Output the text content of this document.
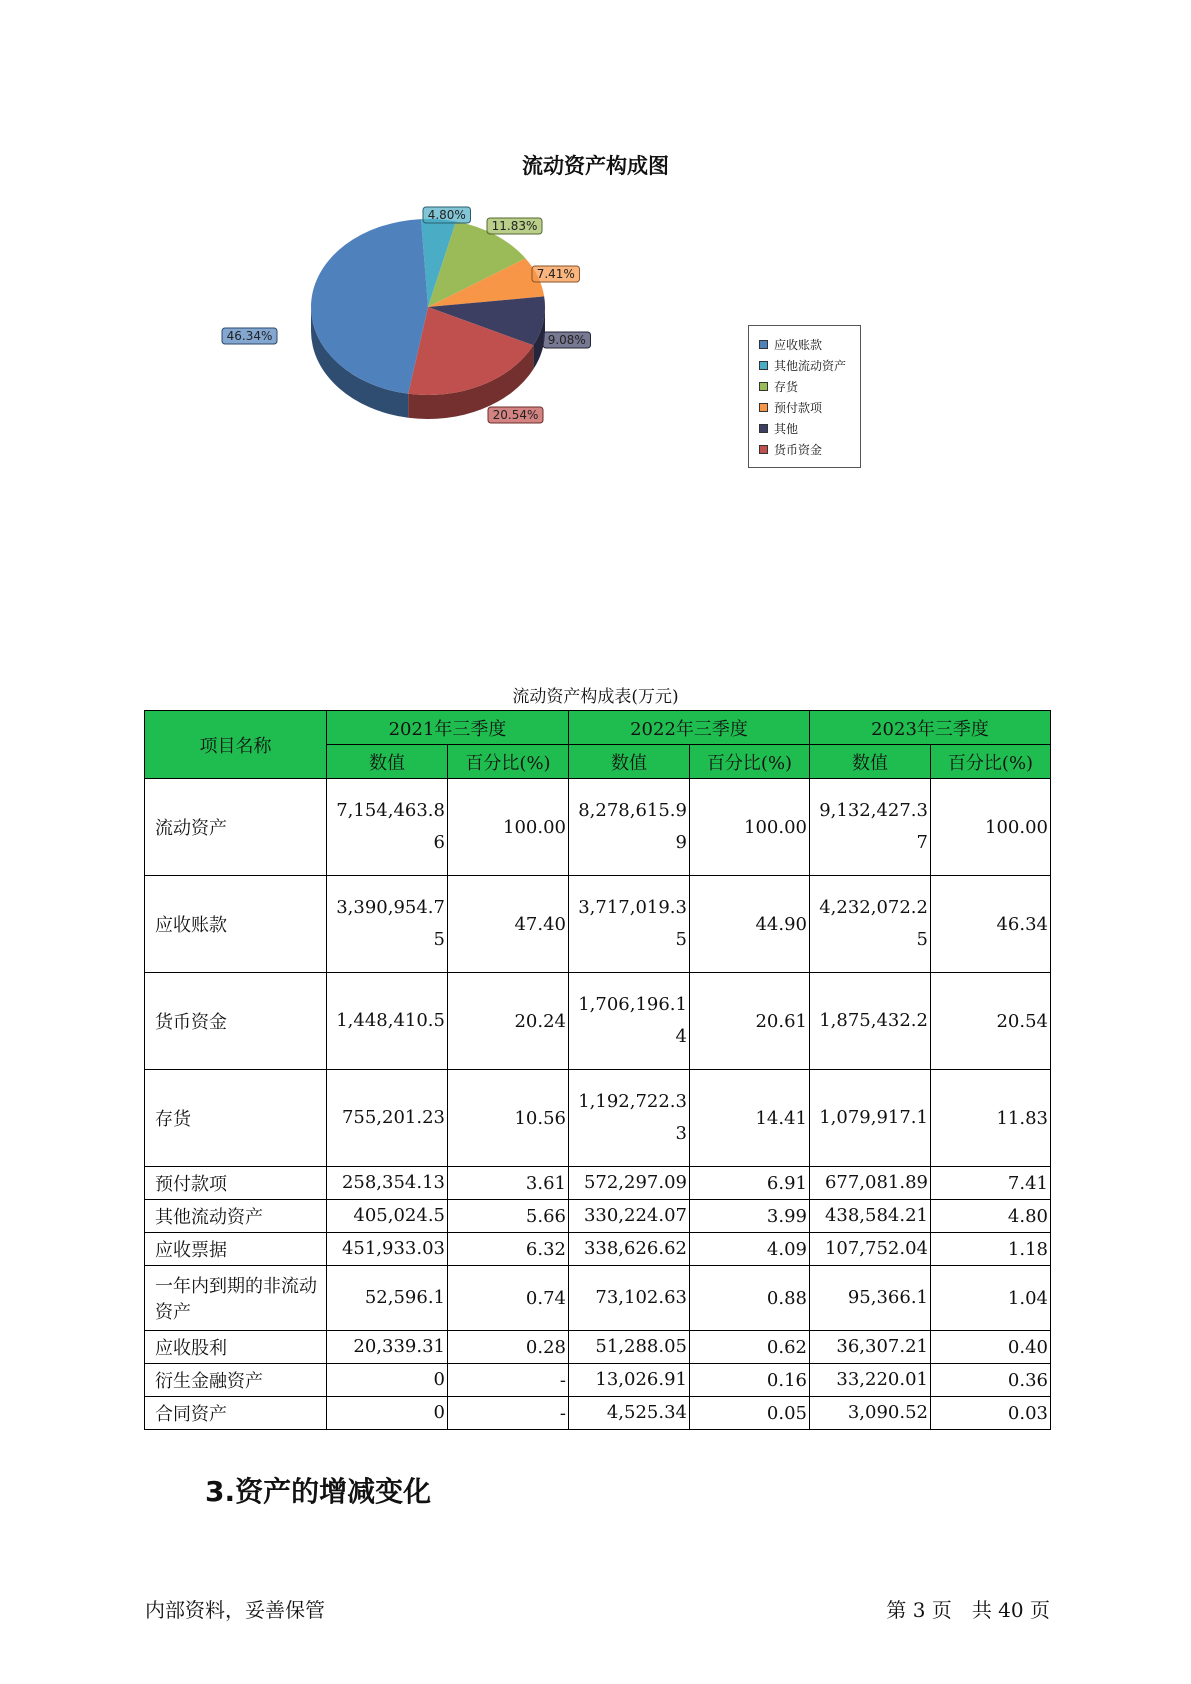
流动资产构成图
4.80%
11.83%
7.41%
9.08%
20.54%
46.34%
应收账款
其他流动资产
存货
预付款项
其他
货币资金
流动资产构成表(万元)
项目名称	2021年三季度		2022年三季度		2023年三季度	
	数值	百分比(%)	数值	百分比(%)	数值	百分比(%)
流动资产	7,154,463.86	100.00	8,278,615.99	100.00	9,132,427.37	100.00
应收账款	3,390,954.75	47.40	3,717,019.35	44.90	4,232,072.25	46.34
货币资金	1,448,410.5	20.24	1,706,196.14	20.61	1,875,432.2	20.54
存货	755,201.23	10.56	1,192,722.33	14.41	1,079,917.1	11.83
预付款项	258,354.13	3.61	572,297.09	6.91	677,081.89	7.41
其他流动资产	405,024.5	5.66	330,224.07	3.99	438,584.21	4.80
应收票据	451,933.03	6.32	338,626.62	4.09	107,752.04	1.18
一年内到期的非流动资产	52,596.1	0.74	73,102.63	0.88	95,366.1	1.04
应收股利	20,339.31	0.28	51,288.05	0.62	36,307.21	0.40
衍生金融资产	0	-	13,026.91	0.16	33,220.01	0.36
合同资产	0	-	4,525.34	0.05	3,090.52	0.03
3.资产的增减变化
内部资料，妥善保管	第 3 页　共 40 页
